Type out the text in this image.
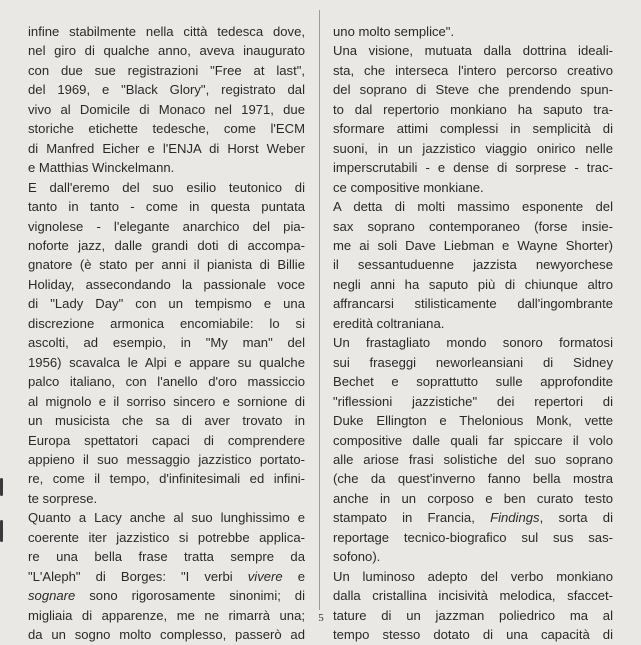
infine stabilmente nella città tedesca dove,
nel giro di qualche anno, aveva inaugurato
con due sue registrazioni "Free at last",
del 1969, e "Black Glory", registrato dal
vivo al Domicile di Monaco nel 1971, due
storiche etichette tedesche, come l'ECM
di Manfred Eicher e l'ENJA di Horst Weber
e Matthias Winckelmann.
E dall'eremo del suo esilio teutonico di
tanto in tanto - come in questa puntata
vignolese - l'elegante anarchico del pia-
noforte jazz, dalle grandi doti di accompa-
gnatore (è stato per anni il pianista di Billie
Holiday, assecondando la passionale voce
di "Lady Day" con un tempismo e una
discrezione armonica encomiabile: lo si
ascolti, ad esempio, in "My man" del
1956) scavalca le Alpi e appare su qualche
palco italiano, con l'anello d'oro massiccio
al mignolo e il sorriso sincero e sornione di
un musicista che sa di aver trovato in
Europa spettatori capaci di comprendere
appieno il suo messaggio jazzistico portato-
re, come il tempo, d'infinitesimali ed infini-
te sorprese.
Quanto a Lacy anche al suo lunghissimo e
coerente iter jazzistico si potrebbe applica-
re una bella frase tratta sempre da
"L'Aleph" di Borges: "I verbi vivere e
sognare sono rigorosamente sinonimi; di
migliaia di apparenze, me ne rimarrà una;
da un sogno molto complesso, passerò ad
uno molto semplice".
Una visione, mutuata dalla dottrina ideali-
sta, che interseca l'intero percorso creativo
del soprano di Steve che prendendo spun-
to dal repertorio monkiano ha saputo tra-
sformare attimi complessi in semplicità di
suoni, in un jazzistico viaggio onirico nelle
imperscrutabili - e dense di sorprese - trac-
ce compositive monkiane.
A detta di molti massimo esponente del
sax soprano contemporaneo (forse insie-
me ai soli Dave Liebman e Wayne Shorter)
il sessantuduenne jazzista newyorchese
negli anni ha saputo più di chiunque altro
affrancarsi stilisticamente dall'ingombrante
eredità coltraniana.
Un frastagliato mondo sonoro formatosi
sui fraseggi neworleansiani di Sidney
Bechet e soprattutto sulle approfondite
"riflessioni jazzistiche" dei repertori di
Duke Ellington e Thelonious Monk, vette
compositive dalle quali far spiccare il volo
alle ariose frasi solistiche del suo soprano
(che da quest'inverno fanno bella mostra
anche in un corposo e ben curato testo
stampato in Francia, Findings, sorta di
reportage tecnico-biografico sul sus sas-
sofono).
Un luminoso adepto del verbo monkiano
dalla cristallina incisività melodica, sfaccet-
tature di un jazzman poliedrico ma al
tempo stesso dotato di una capacità di
5
